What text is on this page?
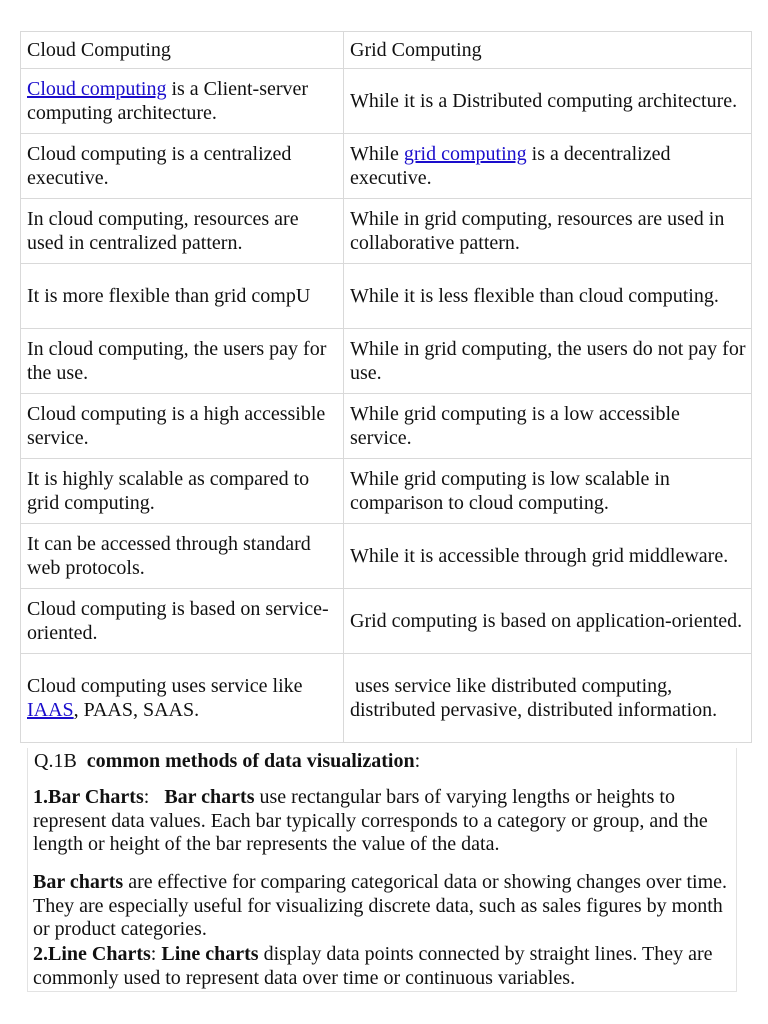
Cloud Computing	Grid Computing
Cloud computing is a Client-server computing architecture.	While it is a Distributed computing architecture.
Cloud computing is a centralized executive.	While grid computing is a decentralized executive.
In cloud computing, resources are used in centralized pattern.	While in grid computing, resources are used in collaborative pattern.
It is more flexible than grid compU	While it is less flexible than cloud computing.
In cloud computing, the users pay for the use.	While in grid computing, the users do not pay for use.
Cloud computing is a high accessible service.	While grid computing is a low accessible service.
It is highly scalable as compared to grid computing.	While grid computing is low scalable in comparison to cloud computing.
It can be accessed through standard web protocols.	While it is accessible through grid middleware.
Cloud computing is based on service-oriented.	Grid computing is based on application-oriented.
Cloud computing uses service like IAAS, PAAS, SAAS.	uses service like distributed computing, distributed pervasive, distributed information.
Q.1B  common methods of data visualization:

1.Bar Charts:   Bar charts use rectangular bars of varying lengths or heights to represent data values. Each bar typically corresponds to a category or group, and the length or height of the bar represents the value of the data.

Bar charts are effective for comparing categorical data or showing changes over time. They are especially useful for visualizing discrete data, such as sales figures by month or product categories.

2.Line Charts: Line charts display data points connected by straight lines. They are commonly used to represent data over time or continuous variables.
